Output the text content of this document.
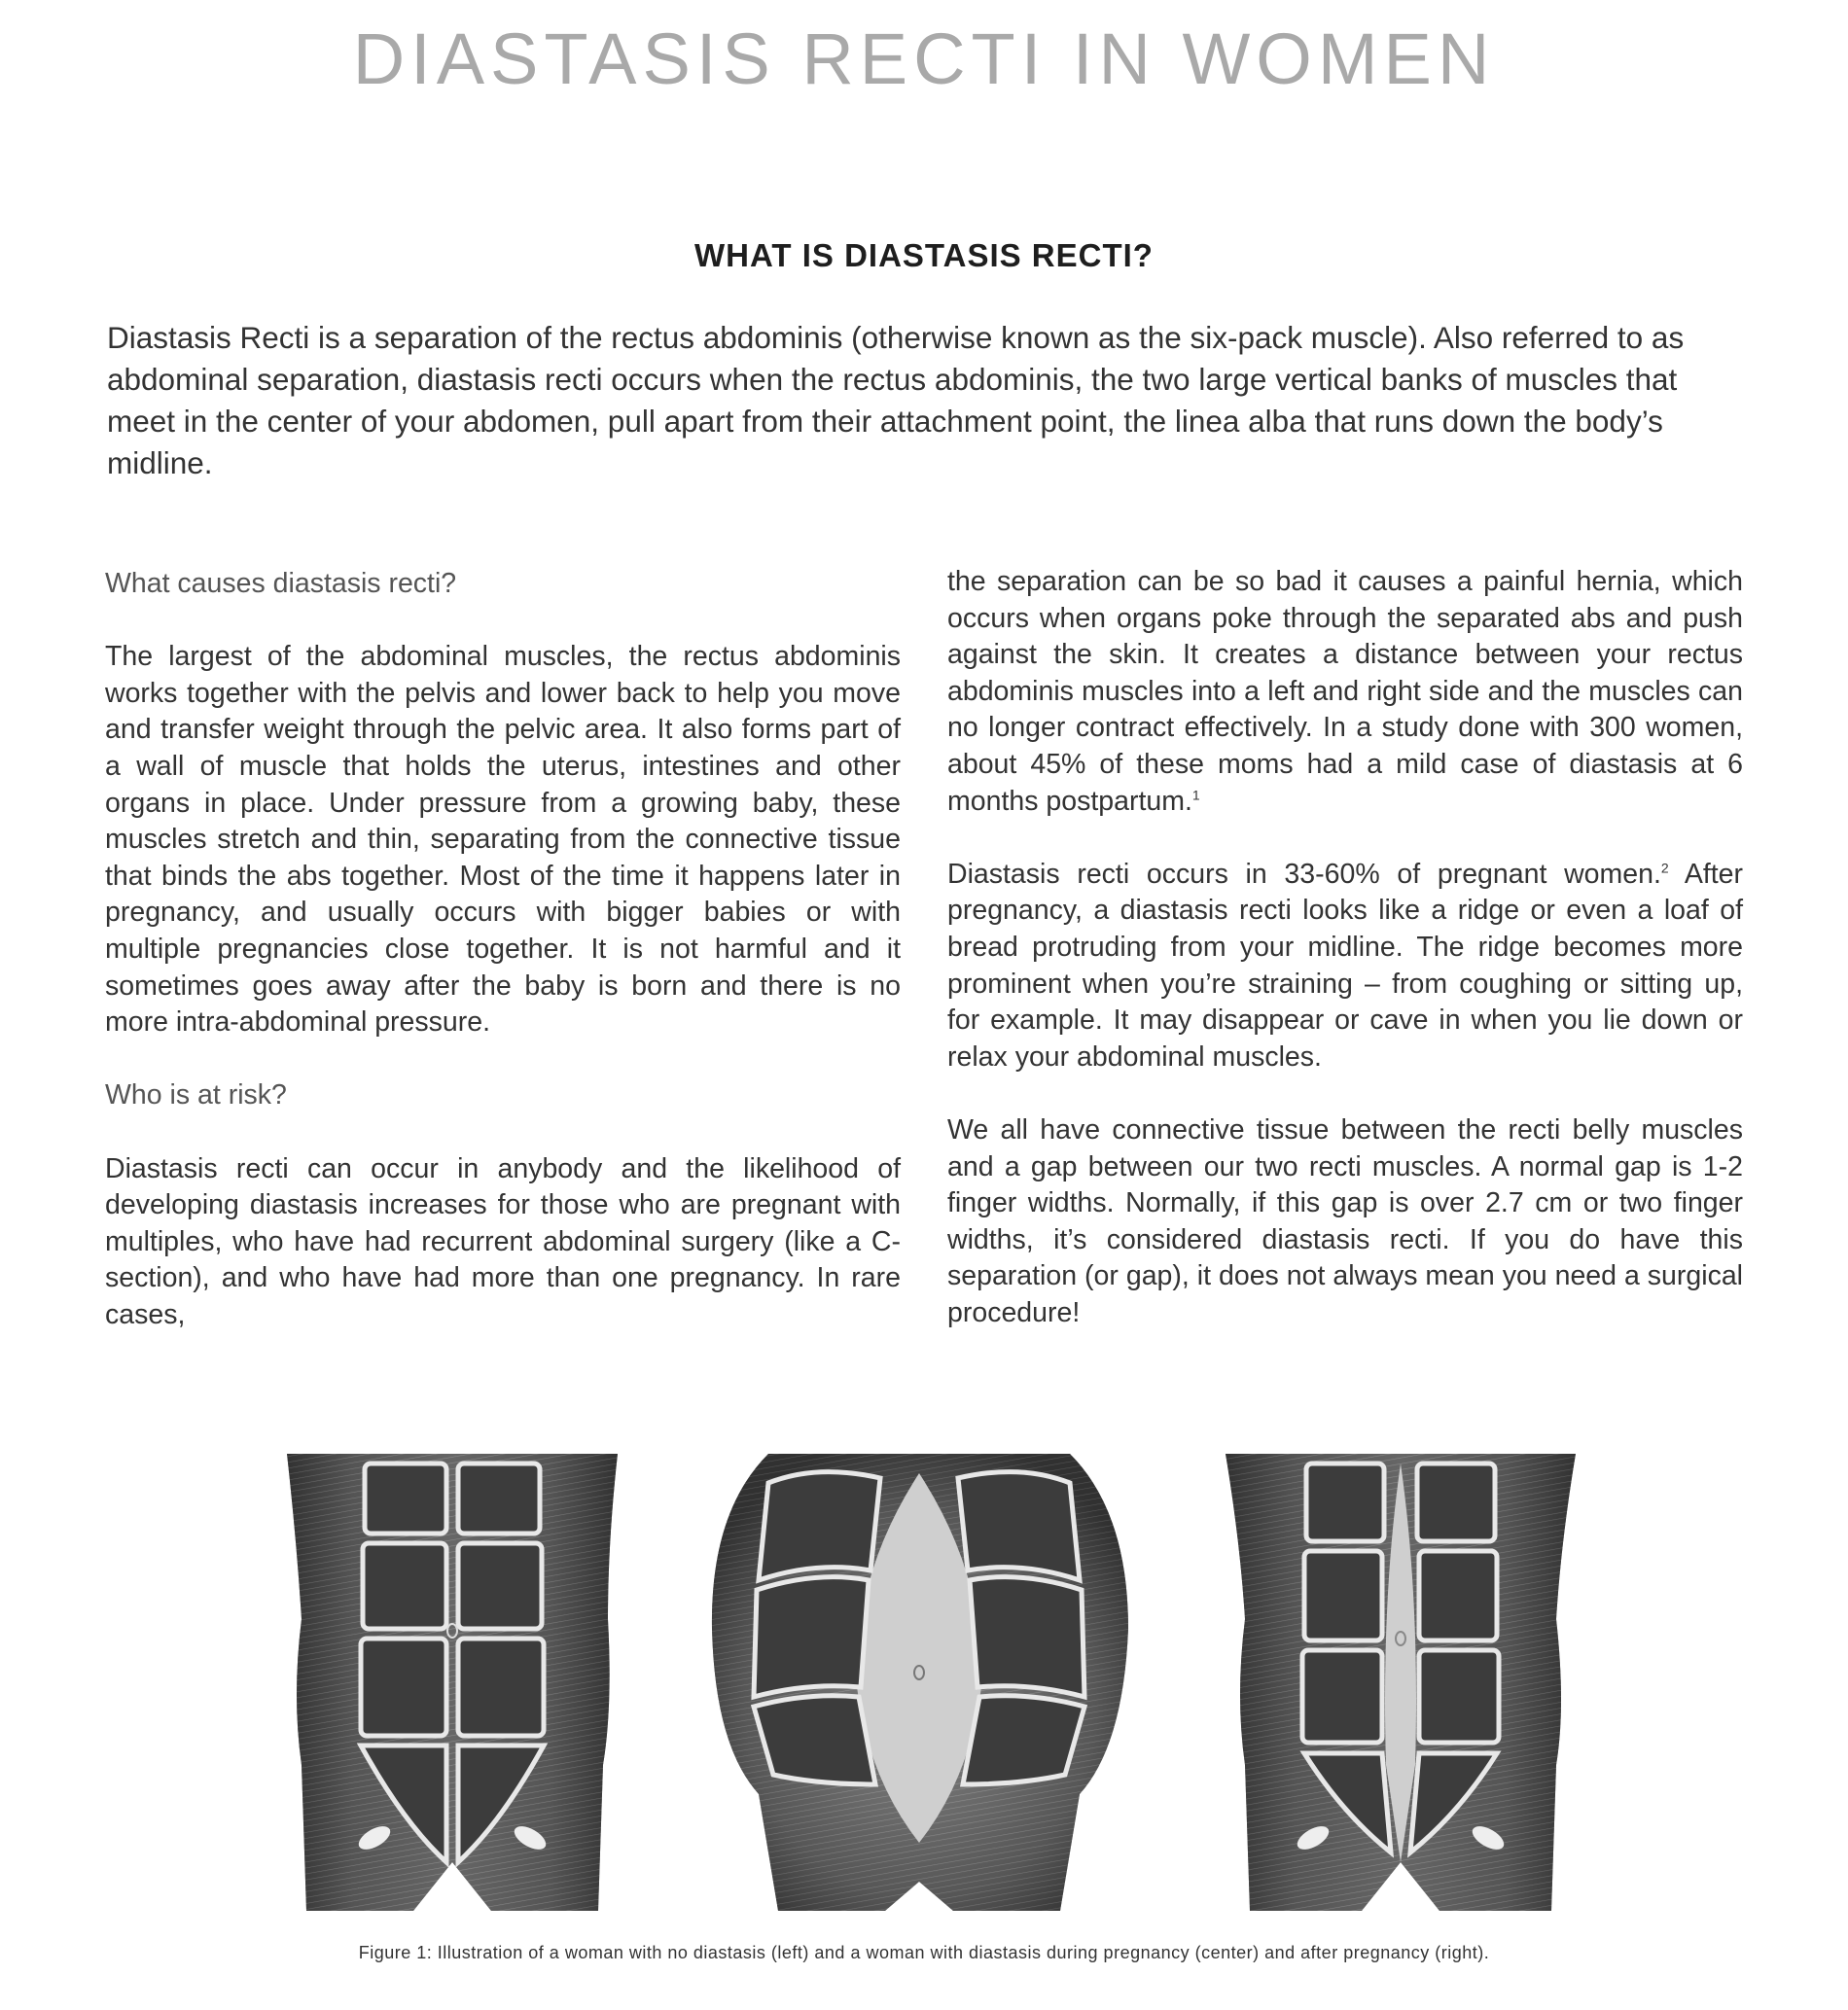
DIASTASIS RECTI IN WOMEN
WHAT IS DIASTASIS RECTI?

Diastasis Recti is a separation of the rectus abdominis (otherwise known as the six-pack muscle). Also referred to as abdominal separation, diastasis recti occurs when the rectus abdominis, the two large vertical banks of muscles that meet in the center of your abdomen, pull apart from their attachment point, the linea alba that runs down the body’s midline.

What causes diastasis recti?

The largest of the abdominal muscles, the rectus abdominis works together with the pelvis and lower back to help you move and transfer weight through the pelvic area. It also forms part of a wall of muscle that holds the uterus, intestines and other organs in place. Under pressure from a growing baby, these muscles stretch and thin, separating from the connective tissue that binds the abs together. Most of the time it happens later in pregnancy, and usually occurs with bigger babies or with multiple pregnancies close together. It is not harmful and it sometimes goes away after the baby is born and there is no more intra-abdominal pressure.

Who is at risk?

Diastasis recti can occur in anybody and the likelihood of developing diastasis increases for those who are pregnant with multiples, who have had recurrent abdominal surgery (like a C-section), and who have had more than one pregnancy. In rare cases,

the separation can be so bad it causes a painful hernia, which occurs when organs poke through the separated abs and push against the skin. It creates a distance between your rectus abdominis muscles into a left and right side and the muscles can no longer contract effectively. In a study done with 300 women, about 45% of these moms had a mild case of diastasis at 6 months postpartum.$^1$

Diastasis recti occurs in 33-60% of pregnant women.$^2$ After pregnancy, a diastasis recti looks like a ridge or even a loaf of bread protruding from your midline. The ridge becomes more prominent when you’re straining – from coughing or sitting up, for example. It may disappear or cave in when you lie down or relax your abdominal muscles.

We all have connective tissue between the recti belly muscles and a gap between our two recti muscles. A normal gap is 1-2 finger widths. Normally, if this gap is over 2.7 cm or two finger widths, it’s considered diastasis recti. If you do have this separation (or gap), it does not always mean you need a surgical procedure!

Figure 1: Illustration of a woman with no diastasis (left) and a woman with diastasis during pregnancy (center) and after pregnancy (right).
